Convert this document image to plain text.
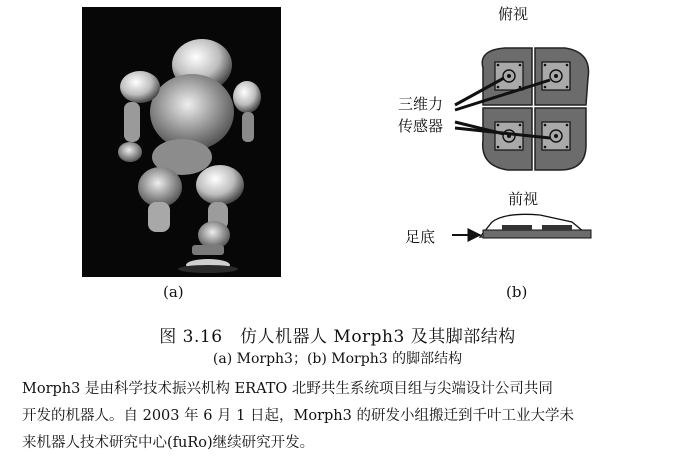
(a)
俯视
三维力
传感器
前视
足底
(b)
图 3.16　仿人机器人 Morph3 及其脚部结构
(a) Morph3；(b) Morph3 的脚部结构

Morph3 是由科学技术振兴机构 ERATO 北野共生系统项目组与尖端设计公司共同

开发的机器人。自 2003 年 6 月 1 日起，Morph3 的研发小组搬迁到千叶工业大学未

来机器人技术研究中心(fuRo)继续研究开发。
